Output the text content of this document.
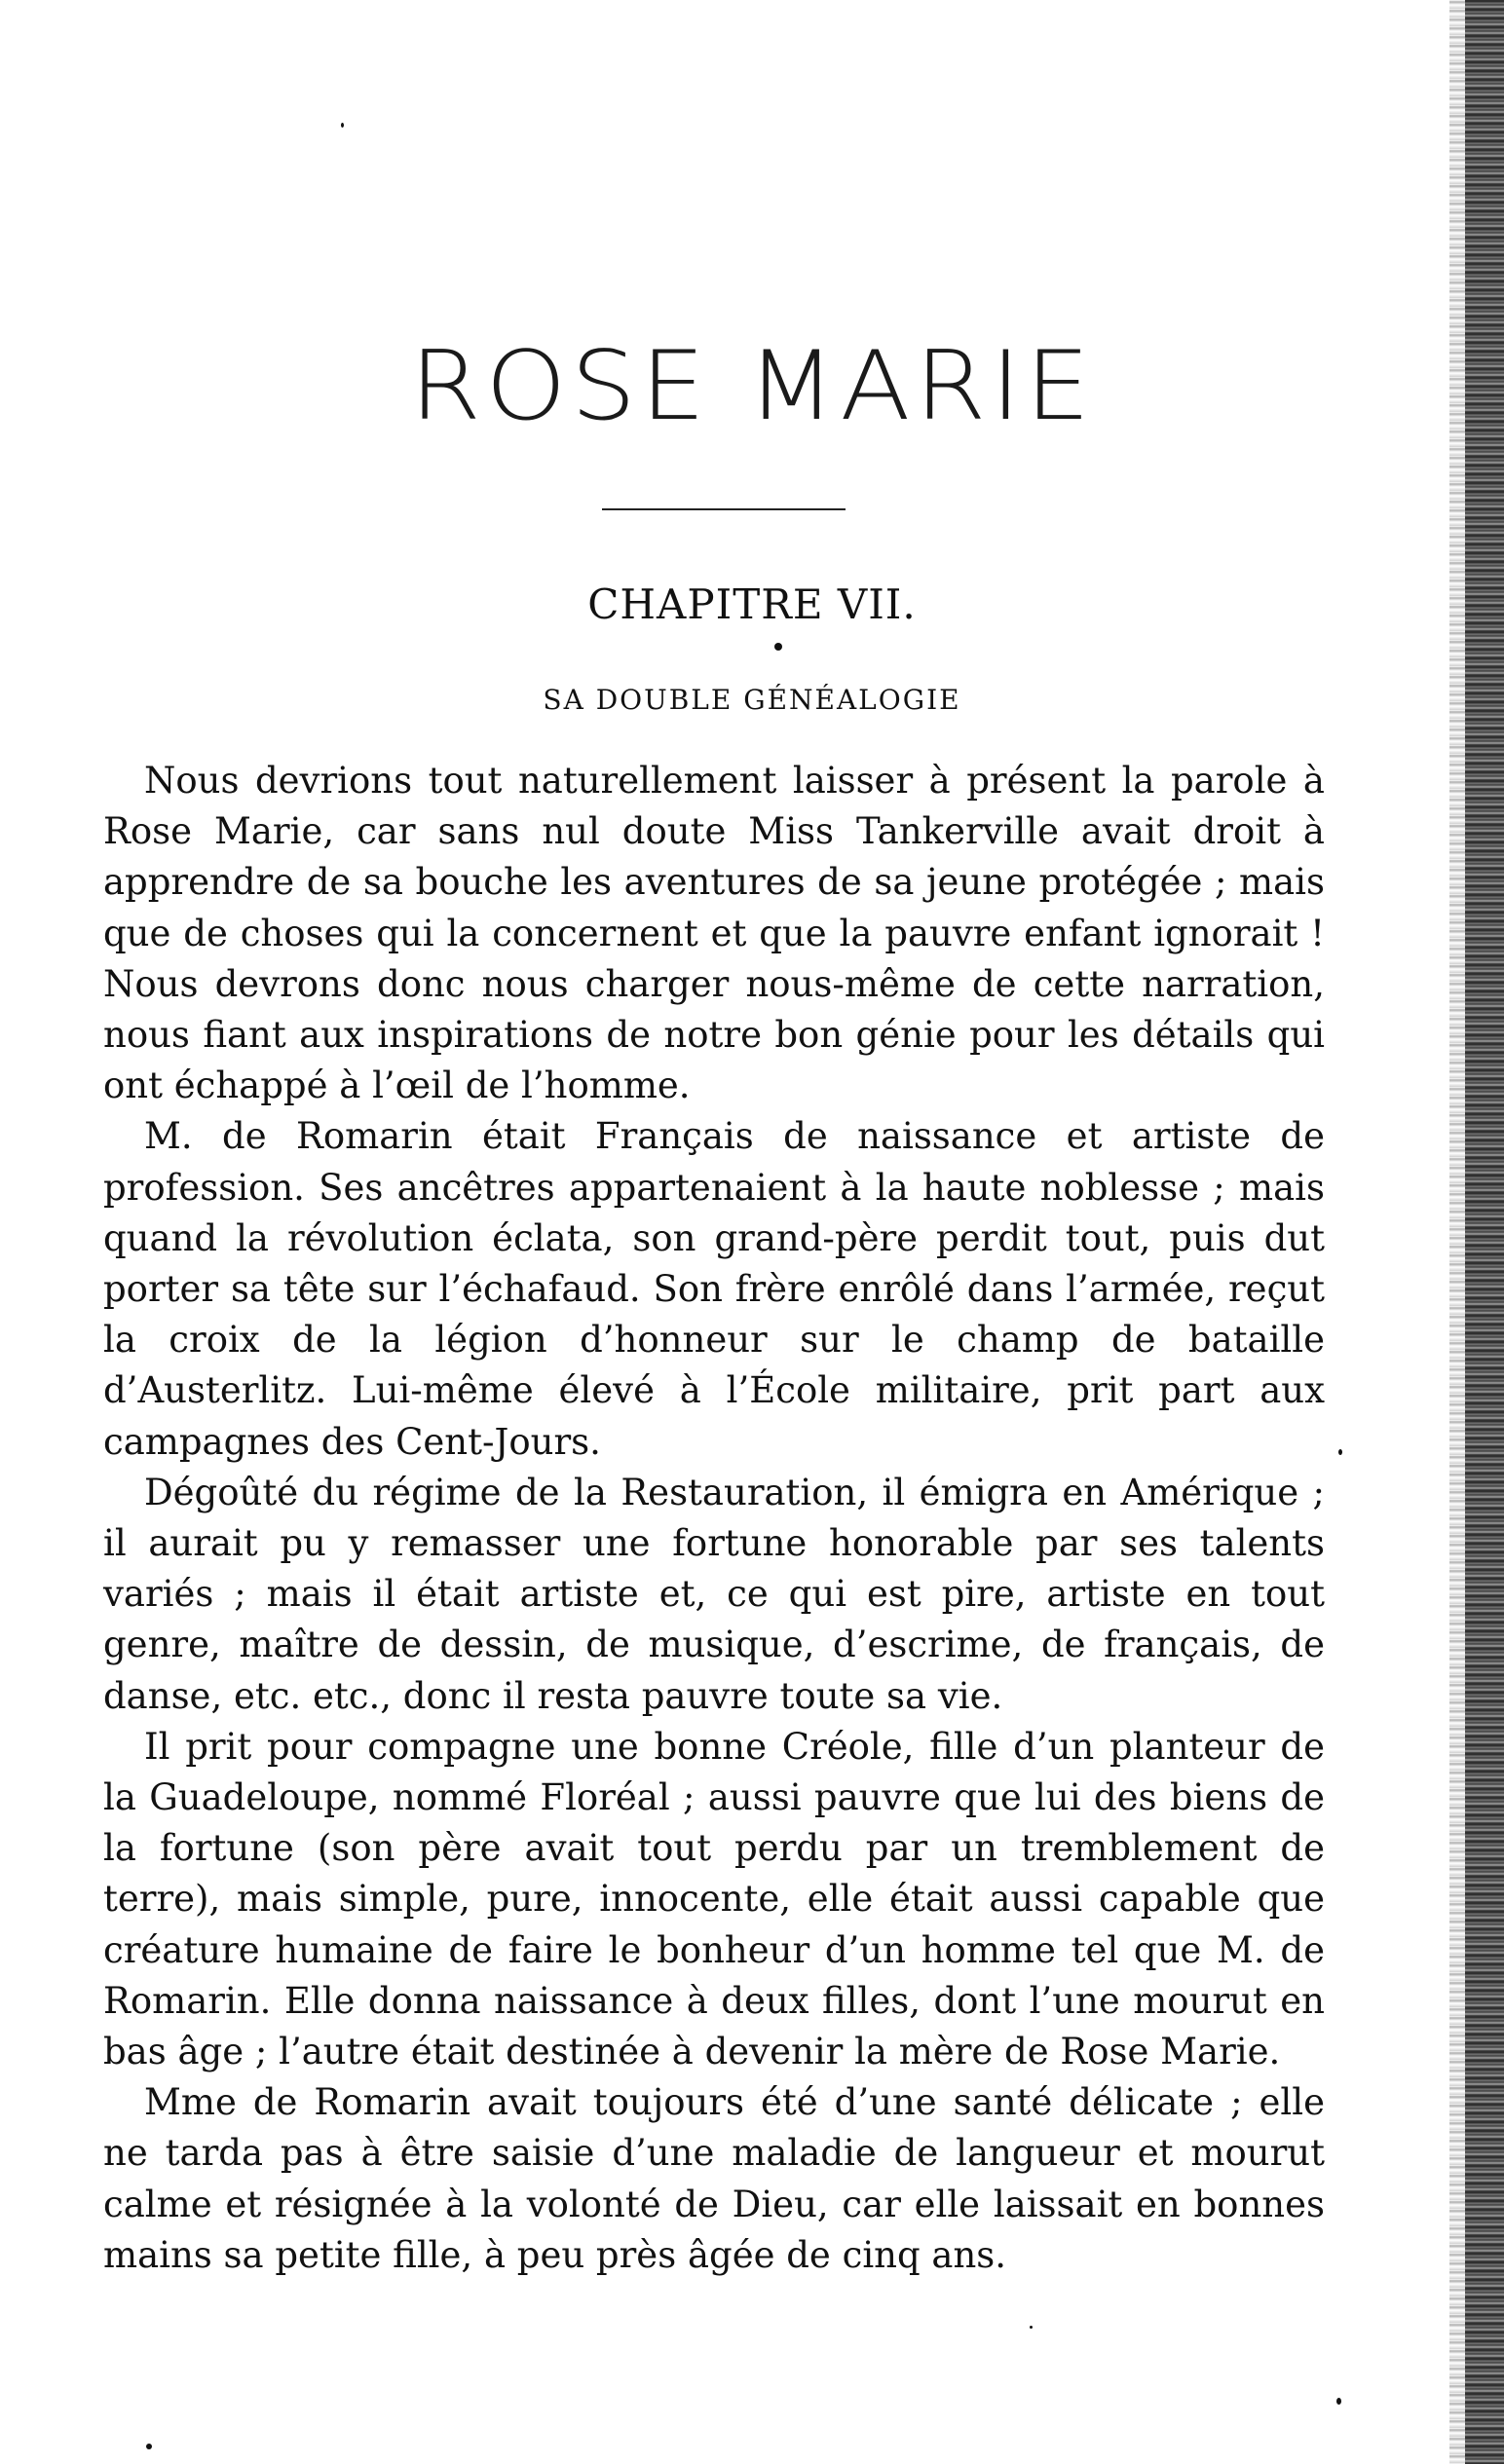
ROSE MARIE
CHAPITRE VII.
SA DOUBLE GÉNÉALOGIE

Nous devrions tout naturellement laisser à présent la parole à Rose Marie, car sans nul doute Miss Tankerville avait droit à apprendre de sa bouche les aventures de sa jeune protégée ; mais que de choses qui la concernent et que la pauvre enfant ignorait ! Nous devrons donc nous charger nous-même de cette narration, nous fiant aux inspirations de notre bon génie pour les détails qui ont échappé à l’œil de l’homme.

M. de Romarin était Français de naissance et artiste de profession. Ses ancêtres appartenaient à la haute noblesse ; mais quand la révolution éclata, son grand-père perdit tout, puis dut porter sa tête sur l’échafaud. Son frère enrôlé dans l’armée, reçut la croix de la légion d’honneur sur le champ de bataille d’Austerlitz. Lui-même élevé à l’École militaire, prit part aux campagnes des Cent-Jours.

Dégoûté du régime de la Restauration, il émigra en Amérique ; il aurait pu y remasser une fortune honorable par ses talents variés ; mais il était artiste et, ce qui est pire, artiste en tout genre, maître de dessin, de musique, d’escrime, de français, de danse, etc. etc., donc il resta pauvre toute sa vie.

Il prit pour compagne une bonne Créole, fille d’un planteur de la Guadeloupe, nommé Floréal ; aussi pauvre que lui des biens de la fortune (son père avait tout perdu par un tremblement de terre), mais simple, pure, innocente, elle était aussi capable que créature humaine de faire le bonheur d’un homme tel que M. de Romarin. Elle donna naissance à deux filles, dont l’une mourut en bas âge ; l’autre était destinée à devenir la mère de Rose Marie.

Mme de Romarin avait toujours été d’une santé délicate ; elle ne tarda pas à être saisie d’une maladie de langueur et mourut calme et résignée à la volonté de Dieu, car elle laissait en bonnes mains sa petite fille, à peu près âgée de cinq ans.
